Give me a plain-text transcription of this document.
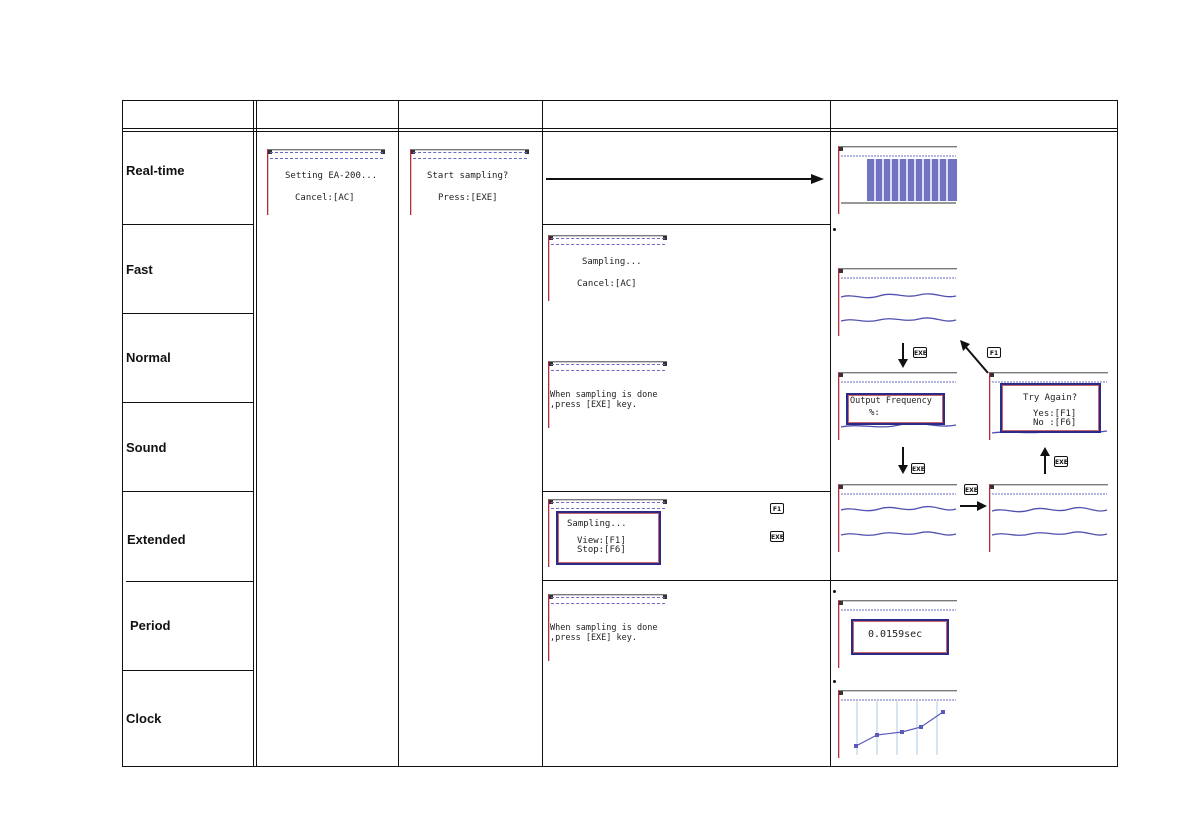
Real-time
Fast
Normal
Sound
Extended
Period
Clock
Setting EA-200...
Cancel:[AC]
Start sampling?
Press:[EXE]
Sampling...
Cancel:[AC]
When sampling is done
,press [EXE] key.
Sampling...
View:[F1]
Stop:[F6]
F1
EXE
When sampling is done
,press [EXE] key.
EXE	F1
Output Frequency
%:
Try Again?
Yes:[F1]
No :[F6]
EXE
EXE
EXE
0.0159sec
